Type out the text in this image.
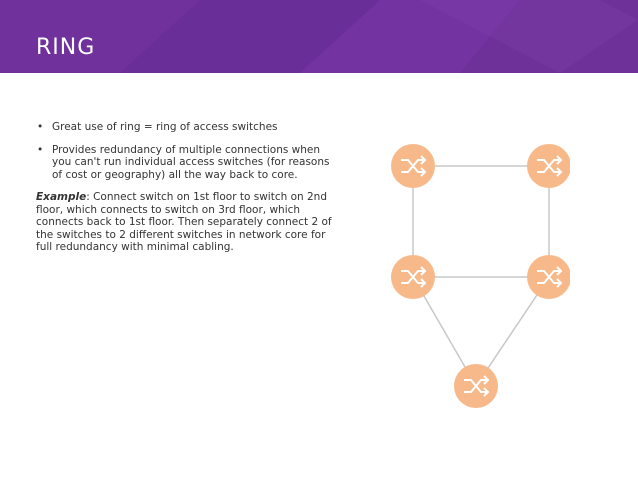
RING
• Great use of ring = ring of access switches
• Provides redundancy of multiple connections when you can't run individual access switches (for reasons of cost or geography) all the way back to core.
Example: Connect switch on 1st floor to switch on 2nd floor, which connects to switch on 3rd floor, which connects back to 1st floor. Then separately connect 2 of the switches to 2 different switches in network core for full redundancy with minimal cabling.
